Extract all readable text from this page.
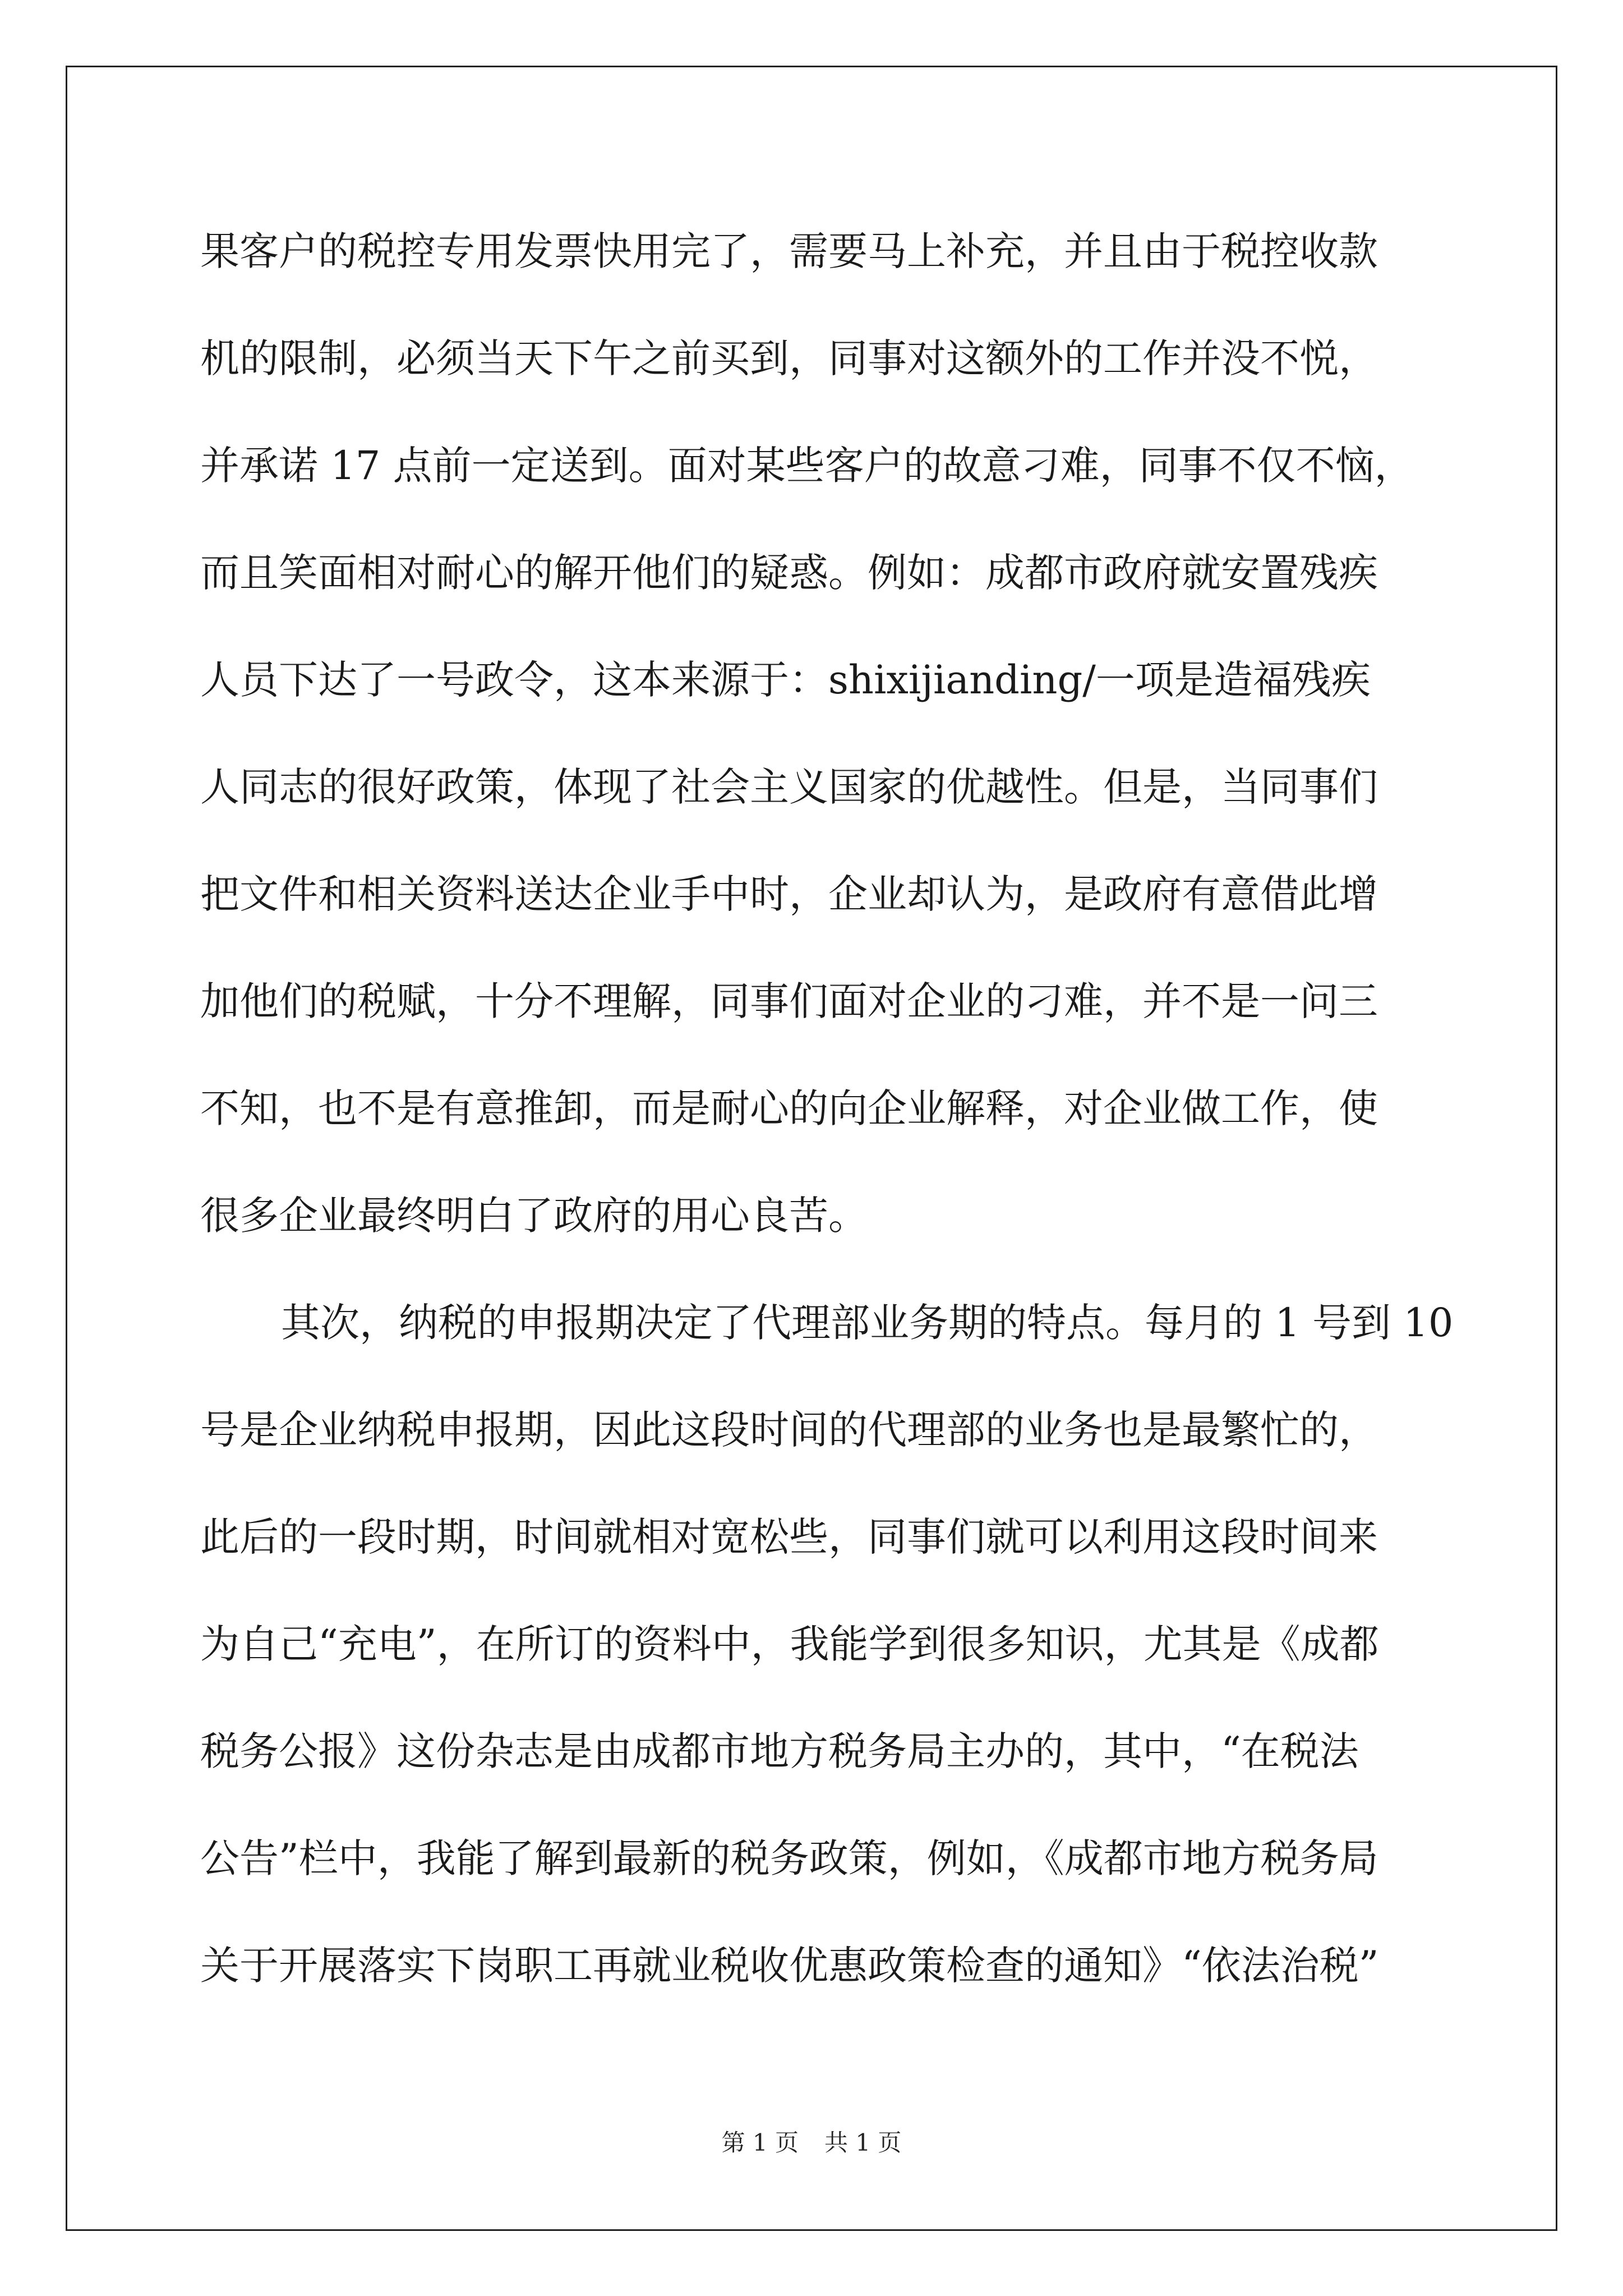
果客户的税控专用发票快用完了，需要马上补充，并且由于税控收款
机的限制，必须当天下午之前买到，同事对这额外的工作并没不悦，
并承诺 17 点前一定送到。面对某些客户的故意刁难，同事不仅不恼，
而且笑面相对耐心的解开他们的疑惑。例如：成都市政府就安置残疾
人员下达了一号政令，这本来源于：shixijianding/一项是造福残疾
人同志的很好政策，体现了社会主义国家的优越性。但是，当同事们
把文件和相关资料送达企业手中时，企业却认为，是政府有意借此增
加他们的税赋，十分不理解，同事们面对企业的刁难，并不是一问三
不知，也不是有意推卸，而是耐心的向企业解释，对企业做工作，使
很多企业最终明白了政府的用心良苦。
其次，纳税的申报期决定了代理部业务期的特点。每月的 1 号到 10
号是企业纳税申报期，因此这段时间的代理部的业务也是最繁忙的，
此后的一段时期，时间就相对宽松些，同事们就可以利用这段时间来
为自己“充电”，在所订的资料中，我能学到很多知识，尤其是《成都
税务公报》这份杂志是由成都市地方税务局主办的，其中，“在税法
公告”栏中，我能了解到最新的税务政策，例如，《成都市地方税务局
关于开展落实下岗职工再就业税收优惠政策检查的通知》“依法治税”
第 1 页 共 1 页
